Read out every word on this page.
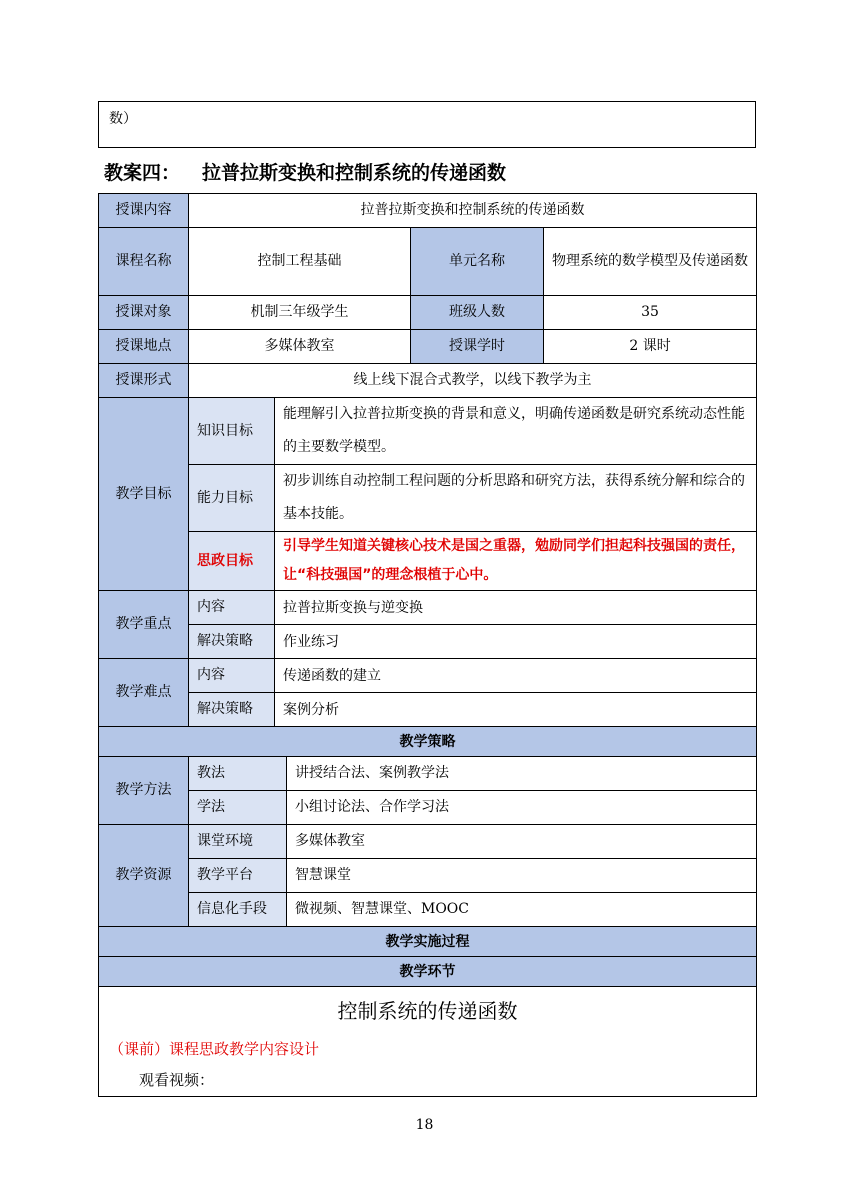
数）
教案四： 拉普拉斯变换和控制系统的传递函数
授课内容	拉普拉斯变换和控制系统的传递函数				
课程名称	控制工程基础			单元名称	物理系统的数学模型及传递函数
授课对象	机制三年级学生			班级人数	35
授课地点	多媒体教室			授课学时	2 课时
授课形式	线上线下混合式教学，以线下教学为主				
教学目标	知识目标	能理解引入拉普拉斯变换的背景和意义，明确传递函数是研究系统动态性能的主要数学模型。			
	能力目标	初步训练自动控制工程问题的分析思路和研究方法，获得系统分解和综合的基本技能。			
	思政目标	引导学生知道关键核心技术是国之重器，勉励同学们担起科技强国的责任，让“科技强国”的理念根植于心中。			
教学重点	内容	拉普拉斯变换与逆变换			
	解决策略	作业练习			
教学难点	内容	传递函数的建立			
	解决策略	案例分析			
教学策略					
教学方法	教法		讲授结合法、案例教学法		
	学法		小组讨论法、合作学习法		
教学资源	课堂环境		多媒体教室		
	教学平台		智慧课堂		
	信息化手段		微视频、智慧课堂、MOOC		
教学实施过程					
教学环节					

控制系统的传递函数
（课前）课程思政教学内容设计
观看视频：					
18
